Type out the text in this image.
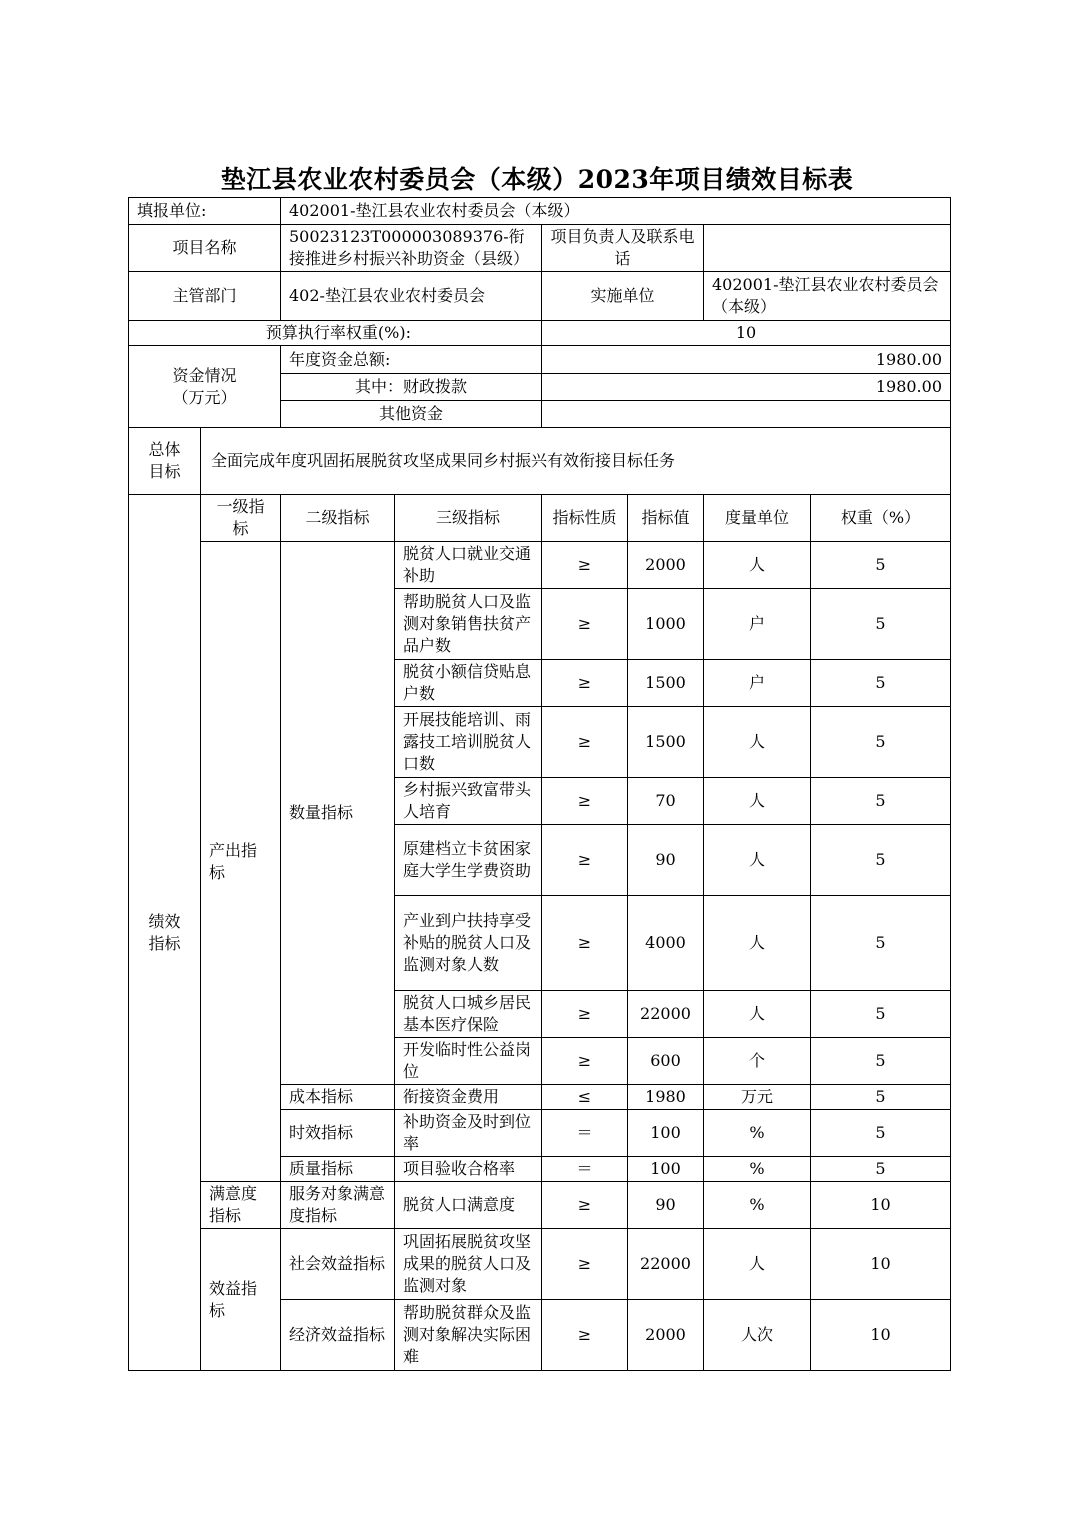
垫江县农业农村委员会（本级）2023年项目绩效目标表
填报单位:		402001-垫江县农业农村委员会（本级）					
项目名称		50023123T000003089376-衔接推进乡村振兴补助资金（县级）		项目负责人及联系电话			
主管部门		402-垫江县农业农村委员会		实施单位		402001-垫江县农业农村委员会（本级）	
预算执行率权重(%):				10			
资金情况（万元）		年度资金总额:		1980.00			
		其中：财政拨款		1980.00			
		其他资金					
总体目标	全面完成年度巩固拓展脱贫攻坚成果同乡村振兴有效衔接目标任务						
绩效指标	一级指标	二级指标	三级指标	指标性质	指标值	度量单位	权重（%）
	产出指标	数量指标	脱贫人口就业交通补助	≥	2000	人	5
			帮助脱贫人口及监测对象销售扶贫产品户数	≥	1000	户	5
			脱贫小额信贷贴息户数	≥	1500	户	5
			开展技能培训、雨露技工培训脱贫人口数	≥	1500	人	5
			乡村振兴致富带头人培育	≥	70	人	5
			原建档立卡贫困家庭大学生学费资助	≥	90	人	5
			产业到户扶持享受补贴的脱贫人口及监测对象人数	≥	4000	人	5
			脱贫人口城乡居民基本医疗保险	≥	22000	人	5
			开发临时性公益岗位	≥	600	个	5
		成本指标	衔接资金费用	≤	1980	万元	5
		时效指标	补助资金及时到位率	＝	100	%	5
		质量指标	项目验收合格率	＝	100	%	5
	满意度指标	服务对象满意度指标	脱贫人口满意度	≥	90	%	10
	效益指标	社会效益指标	巩固拓展脱贫攻坚成果的脱贫人口及监测对象	≥	22000	人	10
		经济效益指标	帮助脱贫群众及监测对象解决实际困难	≥	2000	人次	10
